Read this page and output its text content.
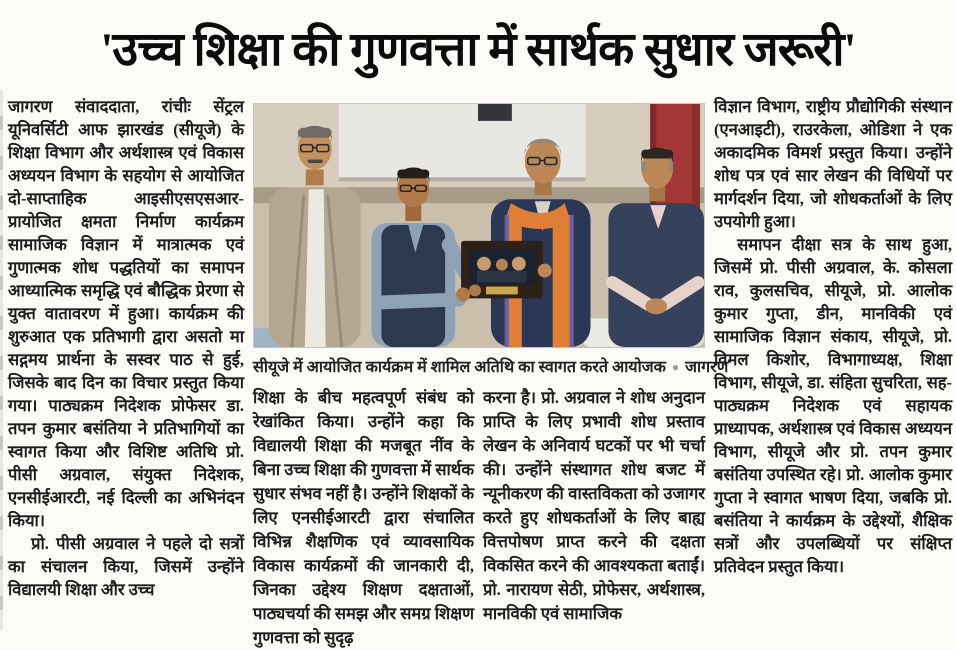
'उच्च शिक्षा की गुणवत्ता में सार्थक सुधार जरूरी'

जागरण संवाददाता, रांचीः सेंट्रल यूनिवर्सिटी आफ झारखंड (सीयूजे) के शिक्षा विभाग और अर्थशास्त्र एवं विकास अध्ययन विभाग के सहयोग से आयोजित दो-साप्ताहिक आइसीएसएसआर-प्रायोजित क्षमता निर्माण कार्यक्रम सामाजिक विज्ञान में मात्रात्मक एवं गुणात्मक शोध पद्धतियों का समापन आध्यात्मिक समृद्धि एवं बौद्धिक प्रेरणा से युक्त वातावरण में हुआ। कार्यक्रम की शुरुआत एक प्रतिभागी द्वारा असतो मा सद्गमय प्रार्थना के सस्वर पाठ से हुई, जिसके बाद दिन का विचार प्रस्तुत किया गया। पाठ्यक्रम निदेशक प्रोफेसर डा. तपन कुमार बसंतिया ने प्रतिभागियों का स्वागत किया और विशिष्ट अतिथि प्रो. पीसी अग्रवाल, संयुक्त निदेशक, एनसीईआरटी, नई दिल्ली का अभिनंदन किया।

प्रो. पीसी अग्रवाल ने पहले दो सत्रों का संचालन किया, जिसमें उन्होंने विद्यालयी शिक्षा और उच्च

सीयूजे में आयोजित कार्यक्रम में शामिल अतिथि का स्वागत करते आयोजक ● जागरण

शिक्षा के बीच महत्वपूर्ण संबंध को रेखांकित किया। उन्होंने कहा कि विद्यालयी शिक्षा की मजबूत नींव के बिना उच्च शिक्षा की गुणवत्ता में सार्थक सुधार संभव नहीं है। उन्होंने शिक्षकों के लिए एनसीईआरटी द्वारा संचालित विभिन्न शैक्षणिक एवं व्यावसायिक विकास कार्यक्रमों की जानकारी दी, जिनका उद्देश्य शिक्षण दक्षताओं, पाठ्यचर्या की समझ और समग्र शिक्षण गुणवत्ता को सुदृढ़

करना है। प्रो. अग्रवाल ने शोध अनुदान प्राप्ति के लिए प्रभावी शोध प्रस्ताव लेखन के अनिवार्य घटकों पर भी चर्चा की। उन्होंने संस्थागत शोध बजट में न्यूनीकरण की वास्तविकता को उजागर करते हुए शोधकर्ताओं के लिए बाह्य वित्तपोषण प्राप्त करने की दक्षता विकसित करने की आवश्यकता बताईं। प्रो. नारायण सेठी, प्रोफेसर, अर्थशास्त्र, मानविकी एवं सामाजिक

विज्ञान विभाग, राष्ट्रीय प्रौद्योगिकी संस्थान (एनआइटी), राउरकेला, ओडिशा ने एक अकादमिक विमर्श प्रस्तुत किया। उन्होंने शोध पत्र एवं सार लेखन की विधियों पर मार्गदर्शन दिया, जो शोधकर्ताओं के लिए उपयोगी हुआ।

समापन दीक्षा सत्र के साथ हुआ, जिसमें प्रो. पीसी अग्रवाल, के. कोसला राव, कुलसचिव, सीयूजे, प्रो. आलोक कुमार गुप्ता, डीन, मानविकी एवं सामाजिक विज्ञान संकाय, सीयूजे, प्रो. विमल किशोर, विभागाध्यक्ष, शिक्षा विभाग, सीयूजे, डा. संहिता सुचरिता, सह-पाठ्यक्रम निदेशक एवं सहायक प्राध्यापक, अर्थशास्त्र एवं विकास अध्ययन विभाग, सीयूजे और प्रो. तपन कुमार बसंतिया उपस्थित रहे। प्रो. आलोक कुमार गुप्ता ने स्वागत भाषण दिया, जबकि प्रो. बसंतिया ने कार्यक्रम के उद्देश्यों, शैक्षिक सत्रों और उपलब्धियों पर संक्षिप्त प्रतिवेदन प्रस्तुत किया।
